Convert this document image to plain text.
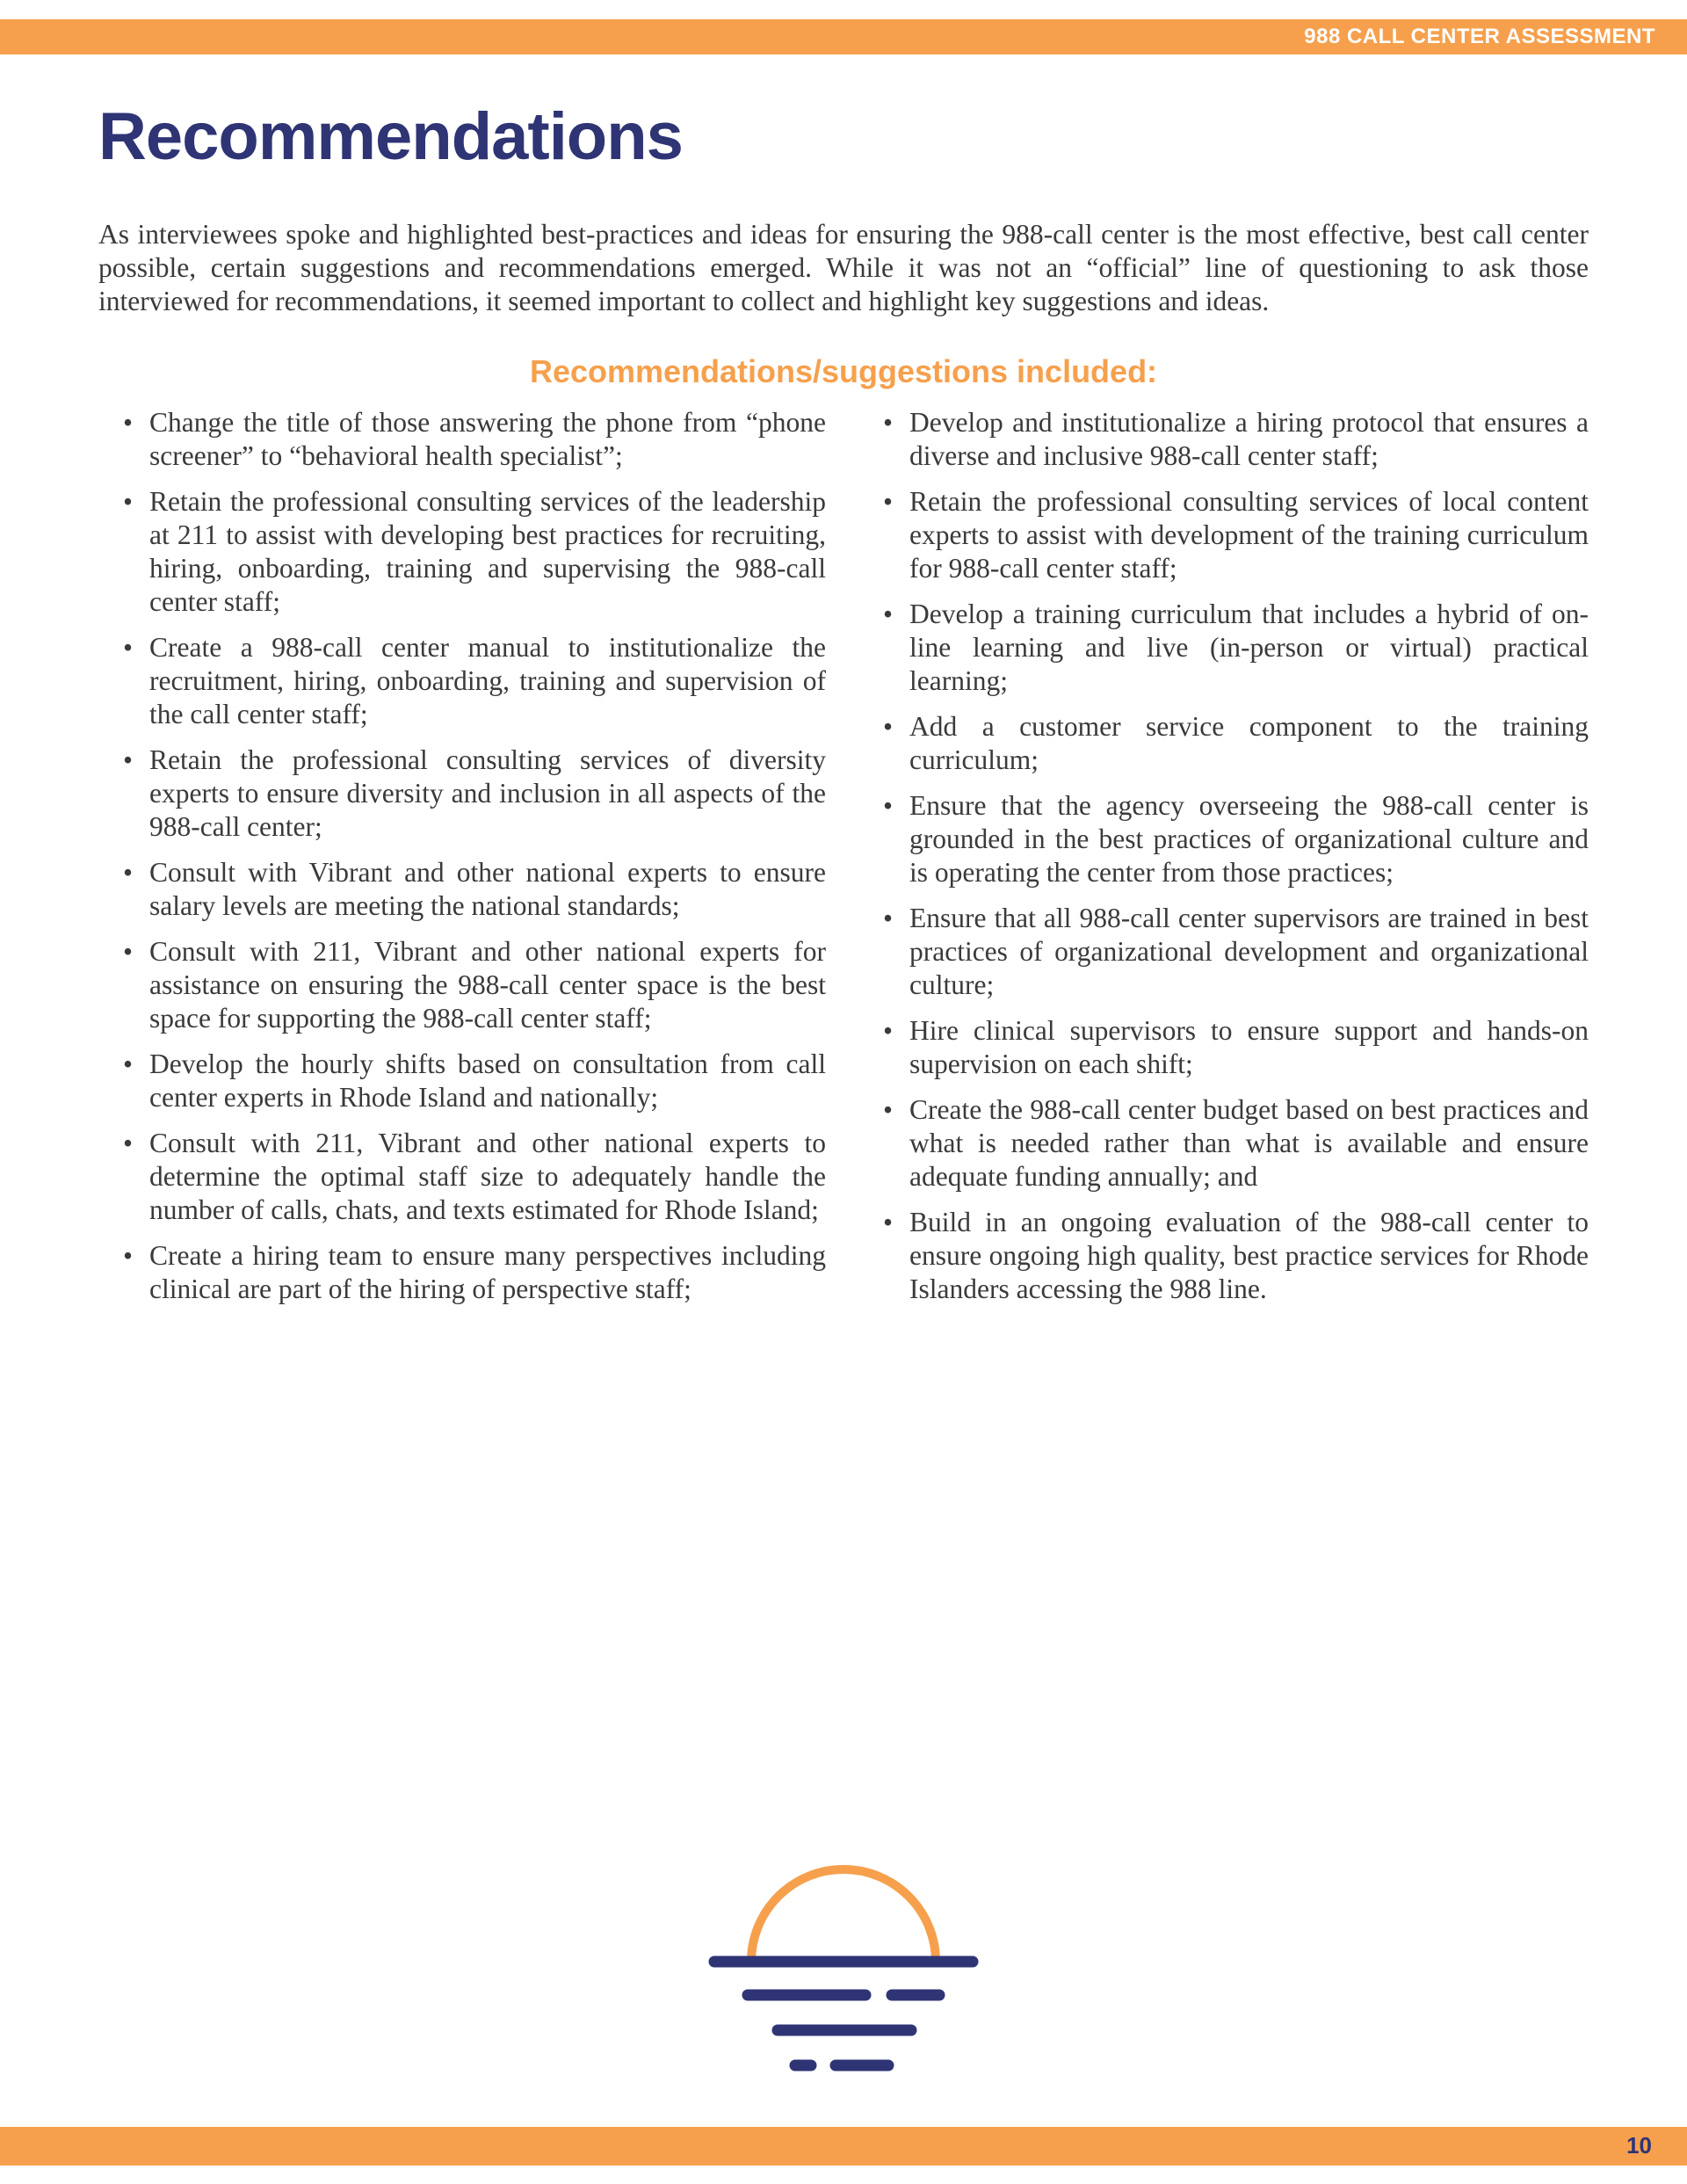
988 CALL CENTER ASSESSMENT
Recommendations

As interviewees spoke and highlighted best-practices and ideas for ensuring the 988-call center is the most effective, best call center possible, certain suggestions and recommendations emerged. While it was not an “official” line of questioning to ask those interviewed for recommendations, it seemed important to collect and highlight key suggestions and ideas.

Recommendations/suggestions included:
• Change the title of those answering the phone from “phone screener” to “behavioral health specialist”;
• Retain the professional consulting services of the leadership at 211 to assist with developing best practices for recruiting, hiring, onboarding, training and supervising the 988-call center staff;
• Create a 988-call center manual to institutionalize the recruitment, hiring, onboarding, training and supervision of the call center staff;
• Retain the professional consulting services of diversity experts to ensure diversity and inclusion in all aspects of the 988-call center;
• Consult with Vibrant and other national experts to ensure salary levels are meeting the national standards;
• Consult with 211, Vibrant and other national experts for assistance on ensuring the 988-call center space is the best space for supporting the 988-call center staff;
• Develop the hourly shifts based on consultation from call center experts in Rhode Island and nationally;
• Consult with 211, Vibrant and other national experts to determine the optimal staff size to adequately handle the number of calls, chats, and texts estimated for Rhode Island;
• Create a hiring team to ensure many perspectives including clinical are part of the hiring of perspective staff;
• Develop and institutionalize a hiring protocol that ensures a diverse and inclusive 988-call center staff;
• Retain the professional consulting services of local content experts to assist with development of the training curriculum for 988-call center staff;
• Develop a training curriculum that includes a hybrid of on-line learning and live (in-person or virtual) practical learning;
• Add a customer service component to the training curriculum;
• Ensure that the agency overseeing the 988-call center is grounded in the best practices of organizational culture and is operating the center from those practices;
• Ensure that all 988-call center supervisors are trained in best practices of organizational development and organizational culture;
• Hire clinical supervisors to ensure support and hands-on supervision on each shift;
• Create the 988-call center budget based on best practices and what is needed rather than what is available and ensure adequate funding annually; and
• Build in an ongoing evaluation of the 988-call center to ensure ongoing high quality, best practice services for Rhode Islanders accessing the 988 line.
10
